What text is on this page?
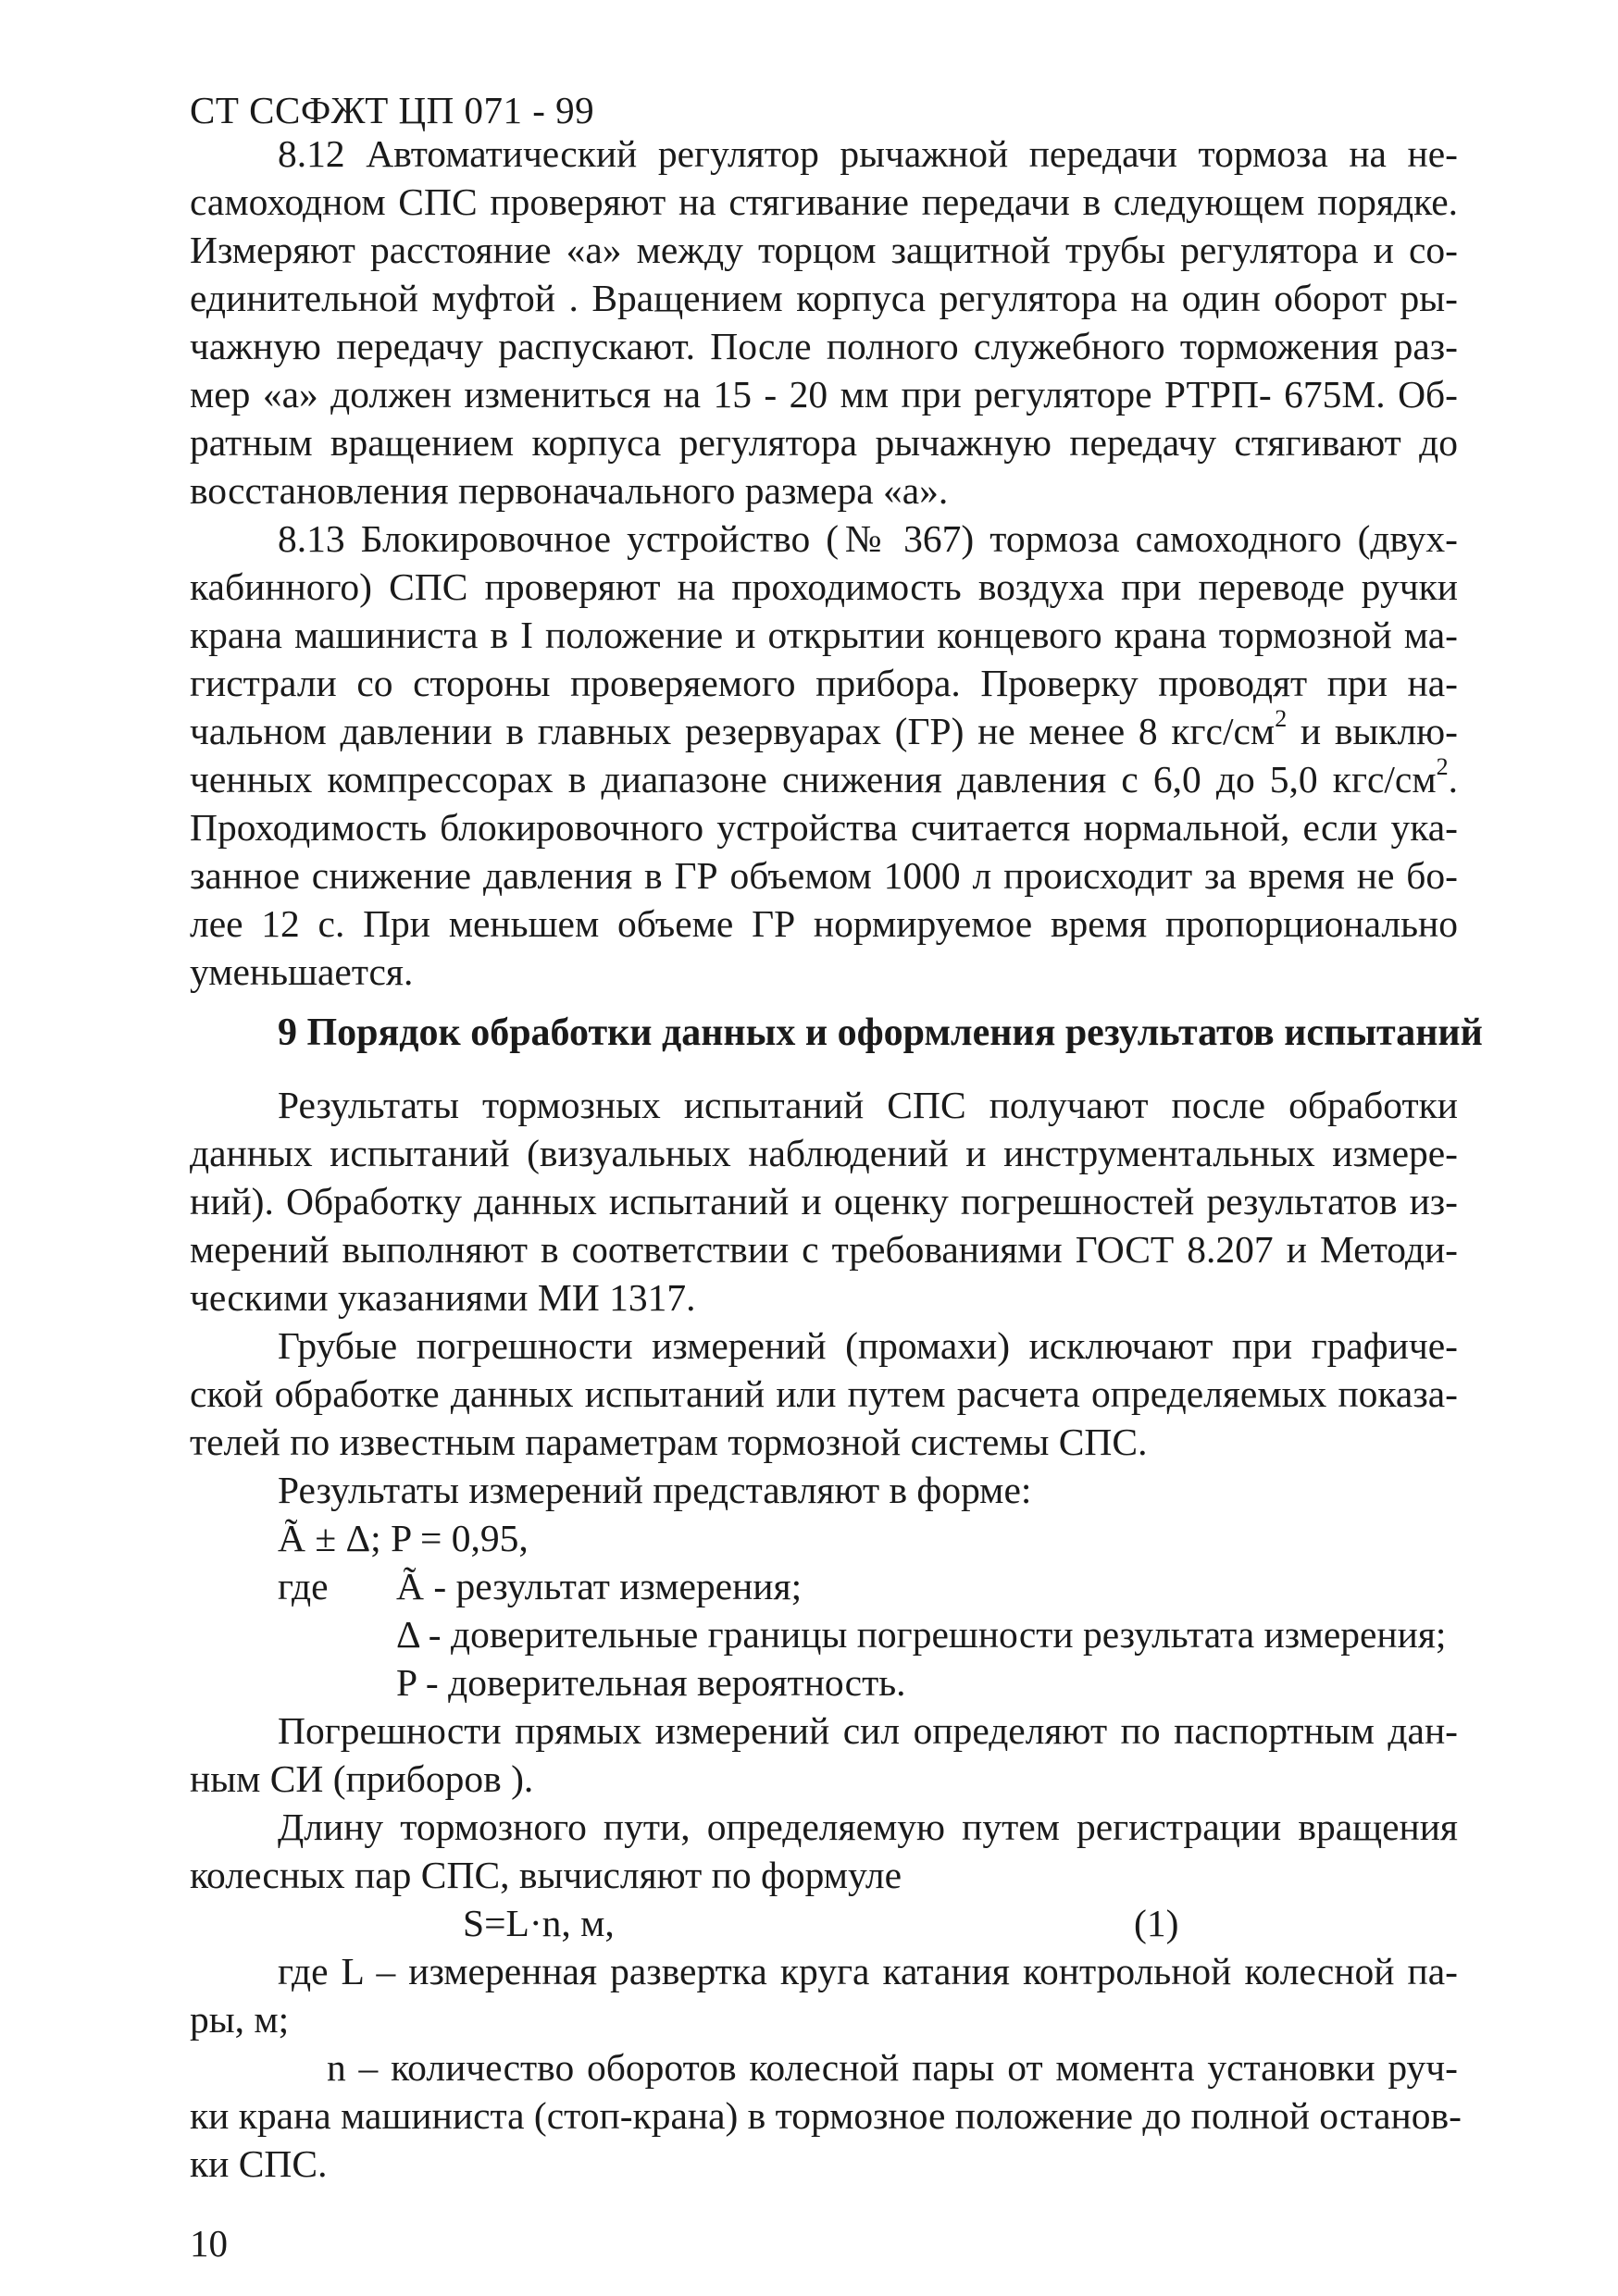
СТ ССФЖТ ЦП 071 - 99
8.12 Автоматический регулятор рычажной передачи тормоза на не-
самоходном СПС проверяют на стягивание передачи в следующем порядке.
Измеряют расстояние «а» между торцом защитной трубы регулятора и со-
единительной муфтой . Вращением корпуса регулятора на один оборот ры-
чажную передачу распускают. После полного служебного торможения раз-
мер «а» должен измениться на 15 - 20 мм при регуляторе РТРП- 675М. Об-
ратным вращением корпуса регулятора рычажную передачу стягивают до
восстановления первоначального размера «а».
8.13 Блокировочное устройство (№ 367) тормоза самоходного (двух-
кабинного) СПС проверяют на проходимость воздуха при переводе ручки
крана машиниста в I положение и открытии концевого крана тормозной ма-
гистрали со стороны проверяемого прибора. Проверку проводят при на-
чальном давлении в главных резервуарах (ГР) не менее 8 кгс/$см^2$ и выклю-
ченных компрессорах в диапазоне снижения давления с 6,0 до 5,0 кгс/$см^2$.
Проходимость блокировочного устройства считается нормальной, если ука-
занное снижение давления в ГР объемом 1000 л происходит за время не бо-
лее 12 с. При меньшем объеме ГР нормируемое время пропорционально
уменьшается.
9 Порядок обработки данных и оформления результатов испытаний
Результаты тормозных испытаний СПС получают после обработки
данных испытаний (визуальных наблюдений и инструментальных измере-
ний). Обработку данных испытаний и оценку погрешностей результатов из-
мерений выполняют в соответствии с требованиями ГОСТ 8.207 и Методи-
ческими указаниями МИ 1317.
Грубые погрешности измерений (промахи) исключают при графиче-
ской обработке данных испытаний или путем расчета определяемых показа-
телей по известным параметрам тормозной системы СПС.
Результаты измерений представляют в форме:
Ã ± Δ; P = 0,95,
где Ã - результат измерения;
Δ - доверительные границы погрешности результата измерения;
P - доверительная вероятность.
Погрешности прямых измерений сил определяют по паспортным дан-
ным СИ (приборов ).
Длину тормозного пути, определяемую путем регистрации вращения
колесных пар СПС, вычисляют по формуле
S=L·n, м,	(1)
где L – измеренная развертка круга катания контрольной колесной па-
ры, м;
n – количество оборотов колесной пары от момента установки руч-
ки крана машиниста (стоп-крана) в тормозное положение до полной останов-
ки СПС.
10
